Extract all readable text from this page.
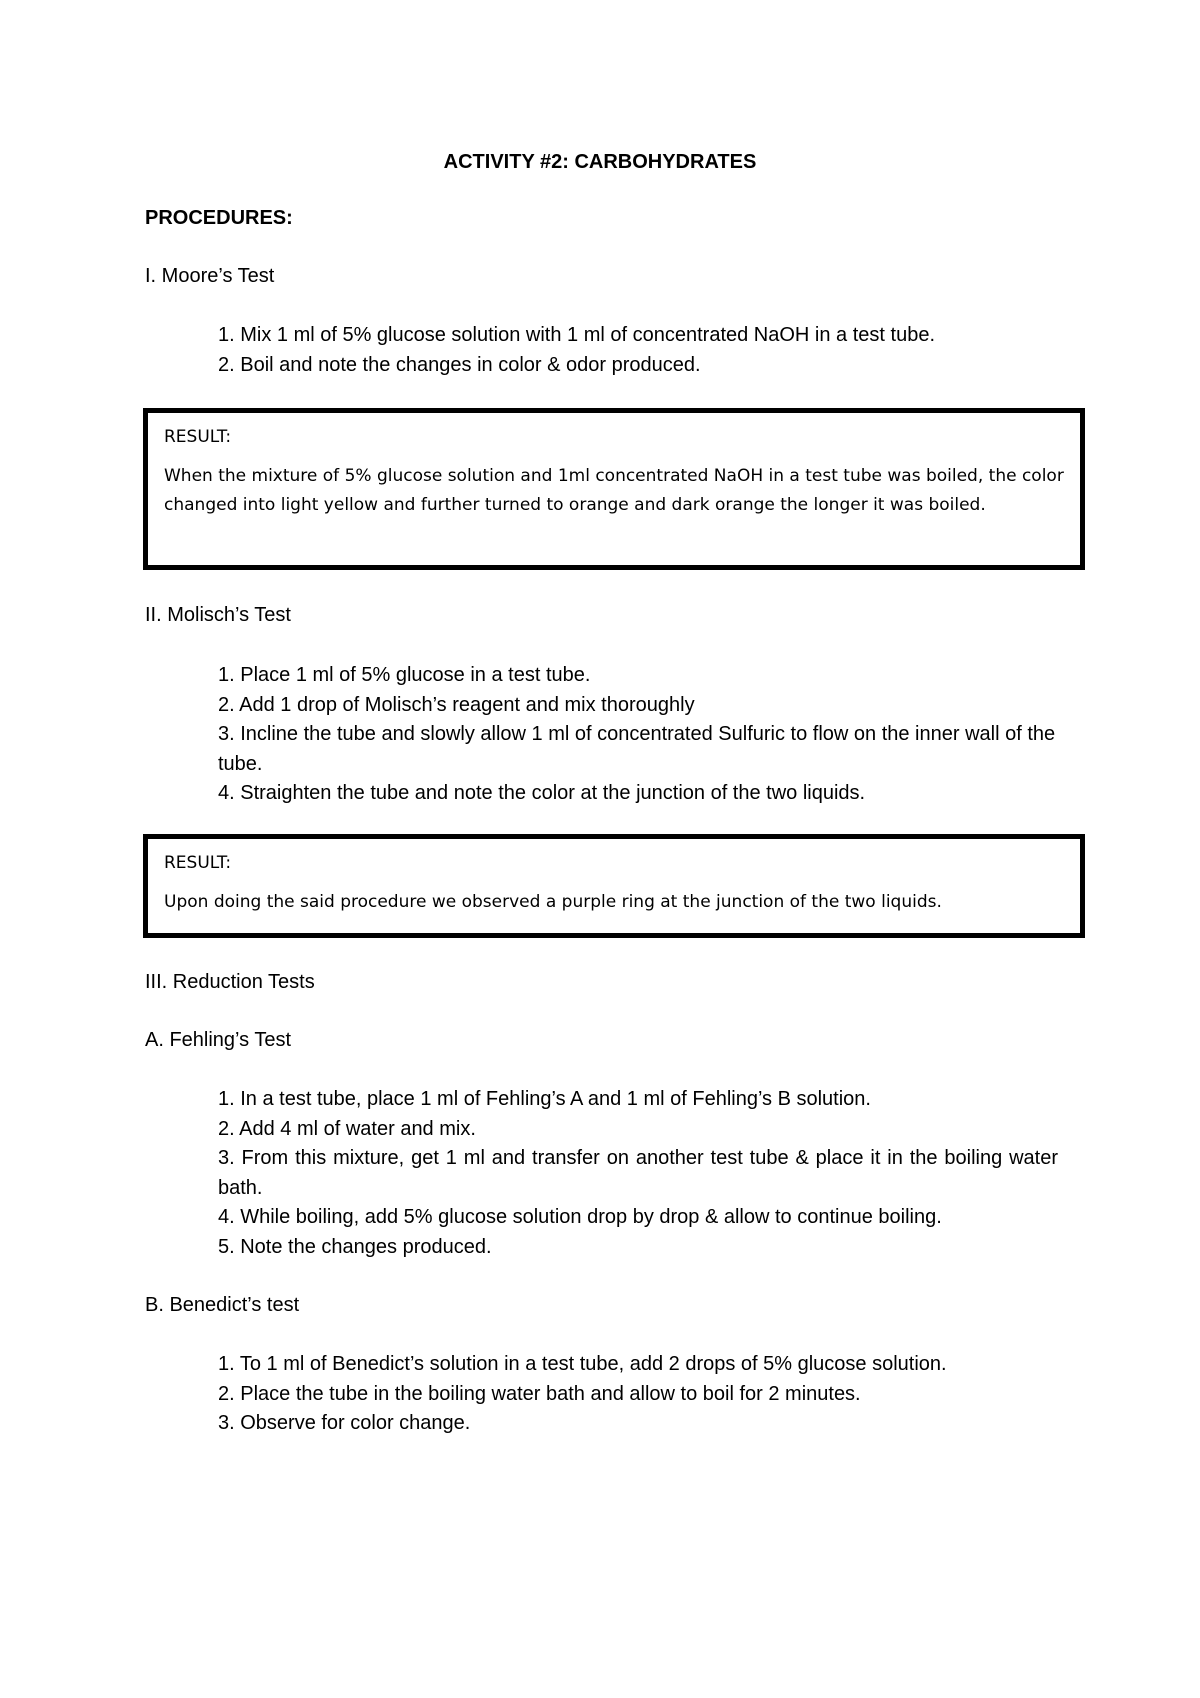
ACTIVITY #2: CARBOHYDRATES
PROCEDURES:
I. Moore’s Test
1. Mix 1 ml of 5% glucose solution with 1 ml of concentrated NaOH in a test tube.
2. Boil and note the changes in color & odor produced.

RESULT:

When the mixture of 5% glucose solution and 1ml concentrated NaOH in a test tube was boiled, the color changed into light yellow and further turned to orange and dark orange the longer it was boiled.

II. Molisch’s Test
1. Place 1 ml of 5% glucose in a test tube.
2. Add 1 drop of Molisch’s reagent and mix thoroughly
3. Incline the tube and slowly allow 1 ml of concentrated Sulfuric to flow on the inner wall of the tube.
4. Straighten the tube and note the color at the junction of the two liquids.

RESULT:

Upon doing the said procedure we observed a purple ring at the junction of the two liquids.

III. Reduction Tests
A. Fehling’s Test
1. In a test tube, place 1 ml of Fehling’s A and 1 ml of Fehling’s B solution.
2. Add 4 ml of water and mix.
3. From this mixture, get 1 ml and transfer on another test tube & place it in the boiling water bath.
4. While boiling, add 5% glucose solution drop by drop & allow to continue boiling.
5. Note the changes produced.
B. Benedict’s test
1. To 1 ml of Benedict’s solution in a test tube, add 2 drops of 5% glucose solution.
2. Place the tube in the boiling water bath and allow to boil for 2 minutes.
3. Observe for color change.
